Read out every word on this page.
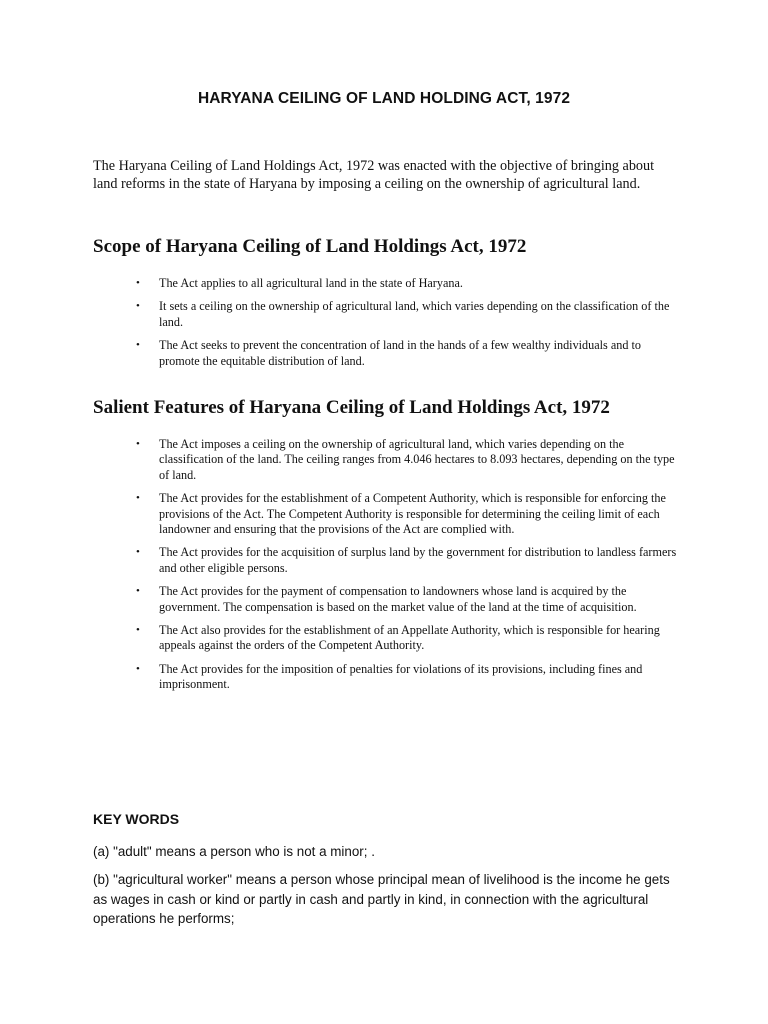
HARYANA CEILING OF LAND HOLDING ACT, 1972

The Haryana Ceiling of Land Holdings Act, 1972 was enacted with the objective of bringing about land reforms in the state of Haryana by imposing a ceiling on the ownership of agricultural land.

Scope of Haryana Ceiling of Land Holdings Act, 1972
• The Act applies to all agricultural land in the state of Haryana.
• It sets a ceiling on the ownership of agricultural land, which varies depending on the classification of the land.
• The Act seeks to prevent the concentration of land in the hands of a few wealthy individuals and to promote the equitable distribution of land.
Salient Features of Haryana Ceiling of Land Holdings Act, 1972
• The Act imposes a ceiling on the ownership of agricultural land, which varies depending on the classification of the land. The ceiling ranges from 4.046 hectares to 8.093 hectares, depending on the type of land.
• The Act provides for the establishment of a Competent Authority, which is responsible for enforcing the provisions of the Act. The Competent Authority is responsible for determining the ceiling limit of each landowner and ensuring that the provisions of the Act are complied with.
• The Act provides for the acquisition of surplus land by the government for distribution to landless farmers and other eligible persons.
• The Act provides for the payment of compensation to landowners whose land is acquired by the government. The compensation is based on the market value of the land at the time of acquisition.
• The Act also provides for the establishment of an Appellate Authority, which is responsible for hearing appeals against the orders of the Competent Authority.
• The Act provides for the imposition of penalties for violations of its provisions, including fines and imprisonment.
KEY WORDS

(a) "adult" means a person who is not a minor; .

(b) "agricultural worker" means a person whose principal mean of livelihood is the income he gets as wages in cash or kind or partly in cash and partly in kind, in connection with the agricultural operations he performs;
